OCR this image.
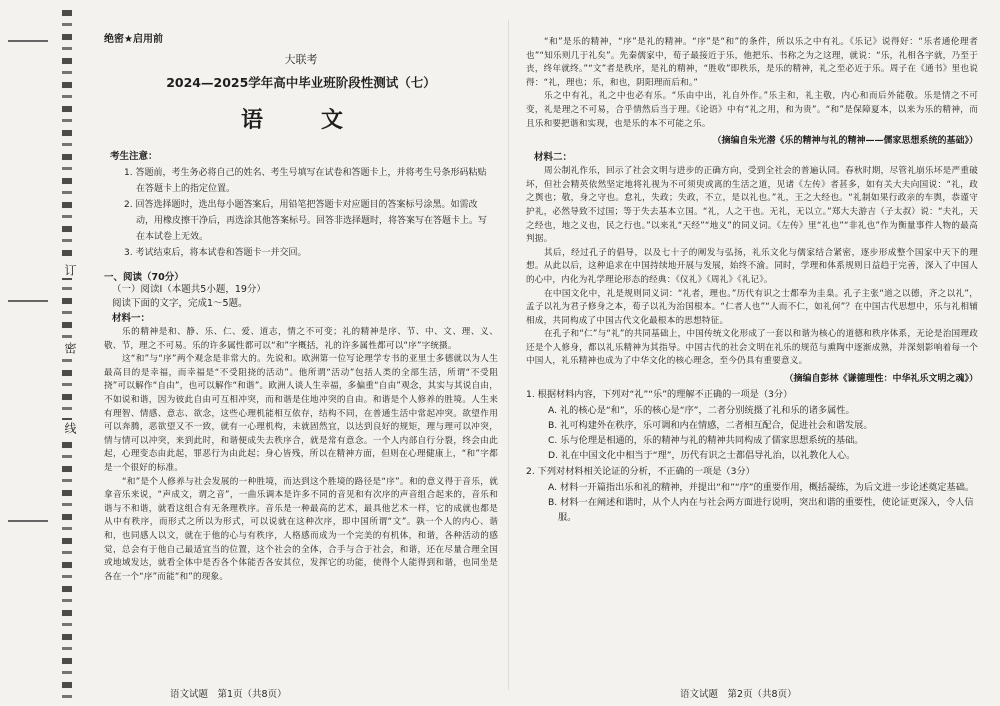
订
密
线
绝密★启用前
大联考
2024—2025学年高中毕业班阶段性测试（七）
语　文
考生注意：

1. 答题前，考生务必将自己的姓名、考生号填写在试卷和答题卡上，并将考生号条形码粘贴在答题卡上的指定位置。

2. 回答选择题时，选出每小题答案后，用铅笔把答题卡对应题目的答案标号涂黑。如需改动，用橡皮擦干净后，再选涂其他答案标号。回答非选择题时，将答案写在答题卡上。写在本试卷上无效。

3. 考试结束后，将本试卷和答题卡一并交回。

一、阅读（70分）
（一）阅读Ⅰ（本题共5小题，19分）
阅读下面的文字，完成1～5题。
材料一：

乐的精神是和、静、乐、仁、爱、道志，情之不可变；礼的精神是序、节、中、文、理、义、敬、节，理之不可易。乐的许多属性都可以“和”字概括，礼的许多属性都可以“序”字统摄。

这“和”与“序”两个观念是非常大的。先说和。欧洲第一位写论理学专书的亚里士多德就以为人生最高目的是幸福，而幸福是“不受阻挠的活动”。他所谓“活动”包括人类的全部生活，所谓“不受阻挠”可以解作“自由”，也可以解作“和谐”。欧洲人谈人生幸福，多偏重“自由”观念，其实与其说自由，不如说和谐，因为彼此自由可互相冲突，而和谐是住地冲突的自由。和谐是个人修养的胜境。人生来有理智、情感、意志、欲念，这些心理机能相互依存，结构不同，在普通生活中常起冲突。欲望作用可以奔腾，恶欲望又不一致，就有一心理机构，未就固然宜，以达到良好的规矩，理与理可以冲突，情与情可以冲突，来到此时，和谐便成失去秩序合，就是常有意念。一个人内部自行分裂，终会由此起，心理变态由此起，罪恶行为由此起；身心皆残，所以在精神方面，但则在心理健康上，“和”字都是一个很好的标准。

“和”是个人修养与社会发展的一种胜境，而达到这个胜境的路径是“序”。和的意义得于音乐，就拿音乐来说，“声成文，谓之音”，一曲乐调本是许多不同的音见和有次序的声音组合起来的，音乐和谐与不和谐，就看这组合有无条理秩序。音乐是一种最高的艺术，最具他艺术一样，它的成就也都是从中有秩序，而形式之所以为形式，可以说就在这种次序，即中国所谓“文”。孰一个人的内心、谐和，也同感人以文，就在于他的心与有秩序，人格感而成为一个完美的有机体，和谐，各种活动的感觉，总会有于他自己最适宜当的位置，这个社会的全体，合手与合于社会，和谐，还在尽量合理全国或地域发达，就看全体中是否各个体能否各安其位，发挥它的功能，使得个人能得到和谐，也同坐是各在一个“序”而能“和”的现象。

语文试题　第1页（共8页）

“和”是乐的精神，“序”是礼的精神。“序”是“和”的条件，所以乐之中有礼。《乐记》说得好：“乐者通伦理者也”“知乐则几于礼矣”。先秦儒家中，荀子最接近于乐，他把乐、书称之为之这理，就说：“乐，礼相各字就，乃至于丧，终年就终。”“文”者是秩序，是礼的精神，“胜收”即秩乐，是乐的精神，礼之至必近于乐。周子在《通书》里也说得：“礼，理也；乐，和也，阴阳理而后和。”

乐之中有礼，礼之中也必有乐。“乐由中出，礼自外作。”乐主和，礼主敬，内心和而后外能敬。乐是情之不可变，礼是理之不可易，合乎情然后当于理。《论语》中有“礼之用，和为贵”。“和”是保障夏本，以来为乐的精神，而且乐和要把谐和实现，也是乐的本不可能之乐。

（摘编自朱光潜《乐的精神与礼的精神——儒家思想系统的基础》）
材料二：

周公制礼作乐，回示了社会文明与进步的正确方向，受到全社会的普遍认同。春秋时期，尽管礼崩乐坏是严重破坏，但社会精英依然坚定地将礼视为不可须臾或离的生活之道，见诸《左传》者甚多，如有关大夫向国说：“礼，政之舆也；敬，身之守也。怠礼，失政；失政，不立，是以礼也。”礼，王之大经也。“礼制如果行政亲的车舆，恭谨守护礼，必然导致不过国；等于失去基本立国。“礼，人之干也。无礼，无以立。”郑大夫游吉（子太叔）说：“夫礼，天之经也，地之义也，民之行也。”以来礼“天经”“地义”的同义词。《左传》里“礼也”“非礼也”作为衡量事件人物的最高判据。

其后，经过孔子的倡导，以及七十子的阐发与弘扬，礼乐文化与儒家结合紧密，逐步形成整个国家中天下的理想。从此以后，这种追求在中国持续地开展与发展，始终不渝。同时，学理和体系规则日益趋于完善，深入了中国人的心中，内化为礼学理论形态的经典：《仪礼》《周礼》《礼记》。

在中国文化中，礼是规则同义词：“礼者，理也。”历代有识之士都奉为圭臬。孔子主张“道之以德，齐之以礼”，孟子以礼为君子修身之本，荀子以礼为治国根本。“仁者人也”“人而不仁，如礼何”？在中国古代思想中，乐与礼相辅相成，共同构成了中国古代文化最根本的思想特征。

在孔子和“仁”与“礼”的共同基础上，中国传统文化形成了一套以和谐为核心的道德和秩序体系，无论是治国理政还是个人修身，都以礼乐精神为其指导。中国古代的社会文明在礼乐的规范与熏陶中逐渐成熟，并深刻影响着每一个中国人，礼乐精神也成为了中华文化的核心理念，至今仍具有重要意义。

（摘编自彭林《谦德理性：中华礼乐文明之魂》）
1. 根据材料内容，下列对“礼”“乐”的理解不正确的一项是（3分）

A. 礼的核心是“和”，乐的核心是“序”，二者分别统摄了礼和乐的诸多属性。

B. 礼可构建外在秩序，乐可调和内在情感，二者相互配合，促进社会和谐发展。

C. 乐与伦理是相通的，乐的精神与礼的精神共同构成了儒家思想系统的基础。

D. 礼在中国文化中相当于“理”，历代有识之士都倡导礼治，以礼教化人心。

2. 下列对材料相关论证的分析，不正确的一项是（3分）

A. 材料一开篇指出乐和礼的精神，并提出“和”“序”的重要作用，概括凝练，为后文进一步论述奠定基础。

B. 材料一在阐述和谐时，从个人内在与社会两方面进行说明，突出和谐的重要性，使论证更深入，令人信服。

语文试题　第2页（共8页）
